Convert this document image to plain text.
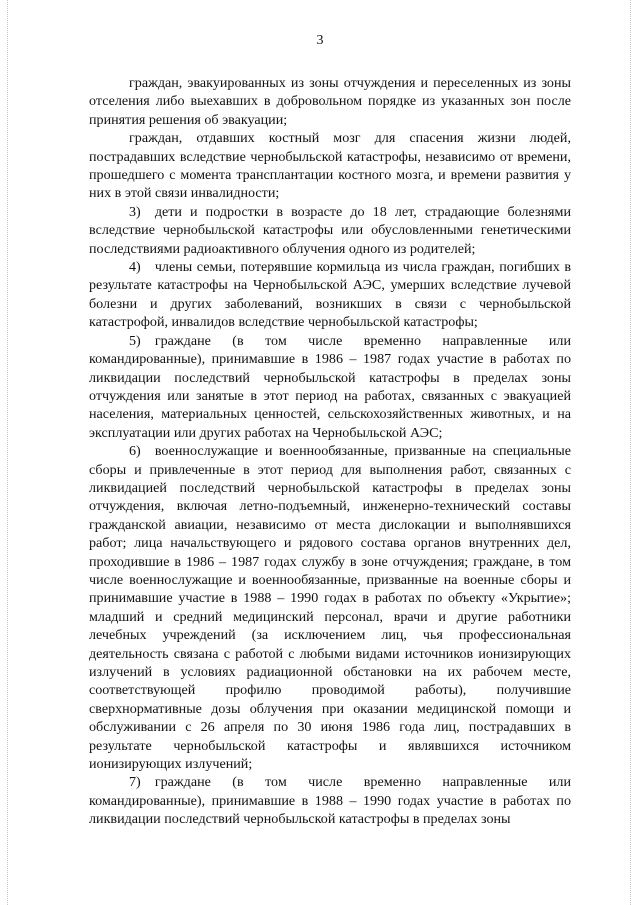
3

граждан, эвакуированных из зоны отчуждения и переселенных из зоны отселения либо выехавших в добровольном порядке из указанных зон после принятия решения об эвакуации;

граждан, отдавших костный мозг для спасения жизни людей, пострадавших вследствие чернобыльской катастрофы, независимо от времени, прошедшего с момента трансплантации костного мозга, и времени развития у них в этой связи инвалидности;

3) дети и подростки в возрасте до 18 лет, страдающие болезнями вследствие чернобыльской катастрофы или обусловленными генетическими последствиями радиоактивного облучения одного из родителей;

4) члены семьи, потерявшие кормильца из числа граждан, погибших в результате катастрофы на Чернобыльской АЭС, умерших вследствие лучевой болезни и других заболеваний, возникших в связи с чернобыльской катастрофой, инвалидов вследствие чернобыльской катастрофы;

5) граждане (в том числе временно направленные или командированные), принимавшие в 1986 – 1987 годах участие в работах по ликвидации последствий чернобыльской катастрофы в пределах зоны отчуждения или занятые в этот период на работах, связанных с эвакуацией населения, материальных ценностей, сельскохозяйственных животных, и на эксплуатации или других работах на Чернобыльской АЭС;

6) военнослужащие и военнообязанные, призванные на специальные сборы и привлеченные в этот период для выполнения работ, связанных с ликвидацией последствий чернобыльской катастрофы в пределах зоны отчуждения, включая летно-подъемный, инженерно-технический составы гражданской авиации, независимо от места дислокации и выполнявшихся работ; лица начальствующего и рядового состава органов внутренних дел, проходившие в 1986 – 1987 годах службу в зоне отчуждения; граждане, в том числе военнослужащие и военнообязанные, призванные на военные сборы и принимавшие участие в 1988 – 1990 годах в работах по объекту «Укрытие»; младший и средний медицинский персонал, врачи и другие работники лечебных учреждений (за исключением лиц, чья профессиональная деятельность связана с работой с любыми видами источников ионизирующих излучений в условиях радиационной обстановки на их рабочем месте, соответствующей профилю проводимой работы), получившие сверхнормативные дозы облучения при оказании медицинской помощи и обслуживании с 26 апреля по 30 июня 1986 года лиц, пострадавших в результате чернобыльской катастрофы и являвшихся источником ионизирующих излучений;

7) граждане (в том числе временно направленные или командированные), принимавшие в 1988 – 1990 годах участие в работах по ликвидации последствий чернобыльской катастрофы в пределах зоны
